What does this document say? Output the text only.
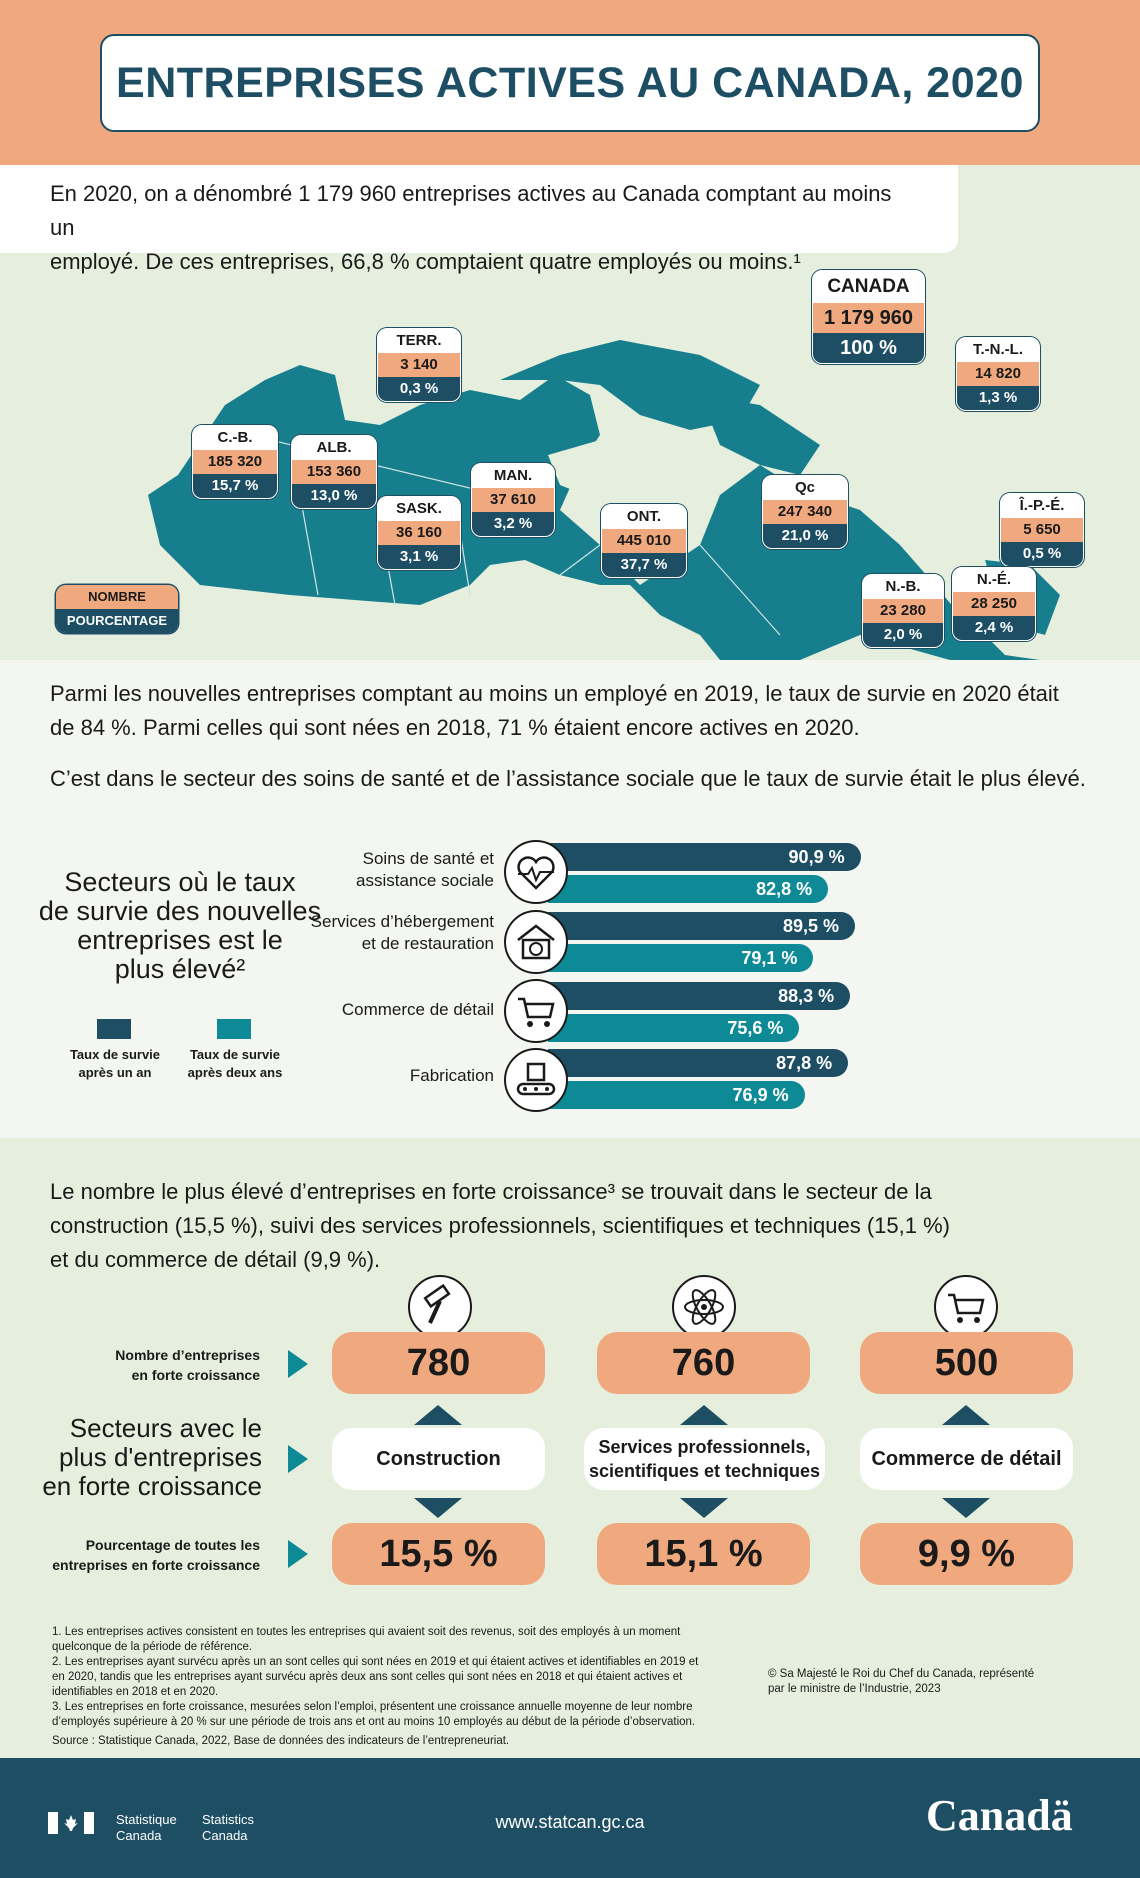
ENTREPRISES ACTIVES AU CANADA, 2020

En 2020, on a dénombré 1 179 960 entreprises actives au Canada comptant au moins un
employé. De ces entreprises, 66,8 % comptaient quatre employés ou moins.¹

CANADA
1 179 960
100 %
TERR.
3 140
0,3 %
C.-B.
185 320
15,7 %
ALB.
153 360
13,0 %
SASK.
36 160
3,1 %
MAN.
37 610
3,2 %	ONT.
445 010
37,7 %
Qc
247 340
21,0 %
T.-N.-L.
14 820
1,3 %
Î.-P.-É.
5 650
0,5 %
N.-B.
23 280
2,0 %
N.-É.
28 250
2,4 %
NOMBRE
POURCENTAGE

Parmi les nouvelles entreprises comptant au moins un employé en 2019, le taux de survie en 2020 était
de 84 %. Parmi celles qui sont nées en 2018, 71 % étaient encore actives en 2020.

C’est dans le secteur des soins de santé et de l’assistance sociale que le taux de survie était le plus élevé.

Secteurs où le taux
de survie des nouvelles
entreprises est le
plus élevé²
Taux de survie après un an
Taux de survie après deux ans
Soins de santé et assistance sociale
90,9 %
82,8 %
Services d’hébergement et de restauration
89,5 %
79,1 %
Commerce de détail
88,3 %
75,6 %
Fabrication
87,8 %
76,9 %

Le nombre le plus élevé d’entreprises en forte croissance³ se trouvait dans le secteur de la
construction (15,5 %), suivi des services professionnels, scientifiques et techniques (15,1 %)
et du commerce de détail (9,9 %).

Nombre d’entreprises
en forte croissance
Secteurs avec le
plus d'entreprises
en forte croissance
Pourcentage de toutes les
entreprises en forte croissance
780
Construction
15,5 %
760
Services professionnels,
scientifiques et techniques
15,1 %
500
Commerce de détail
9,9 %
1. Les entreprises actives consistent en toutes les entreprises qui avaient soit des revenus, soit des employés à un moment
quelconque de la période de référence.
2. Les entreprises ayant survécu après un an sont celles qui sont nées en 2019 et qui étaient actives et identifiables en 2019 et
en 2020, tandis que les entreprises ayant survécu après deux ans sont celles qui sont nées en 2018 et qui étaient actives et
identifiables en 2018 et en 2020.
3. Les entreprises en forte croissance, mesurées selon l’emploi, présentent une croissance annuelle moyenne de leur nombre
d’employés supérieure à 20 % sur une période de trois ans et ont au moins 10 employés au début de la période d’observation.
Source : Statistique Canada, 2022, Base de données des indicateurs de l’entrepreneuriat.
© Sa Majesté le Roi du Chef du Canada, représenté
par le ministre de l’Industrie, 2023
Statistique
Canada
Statistics
Canada
www.statcan.gc.ca	Canadä
